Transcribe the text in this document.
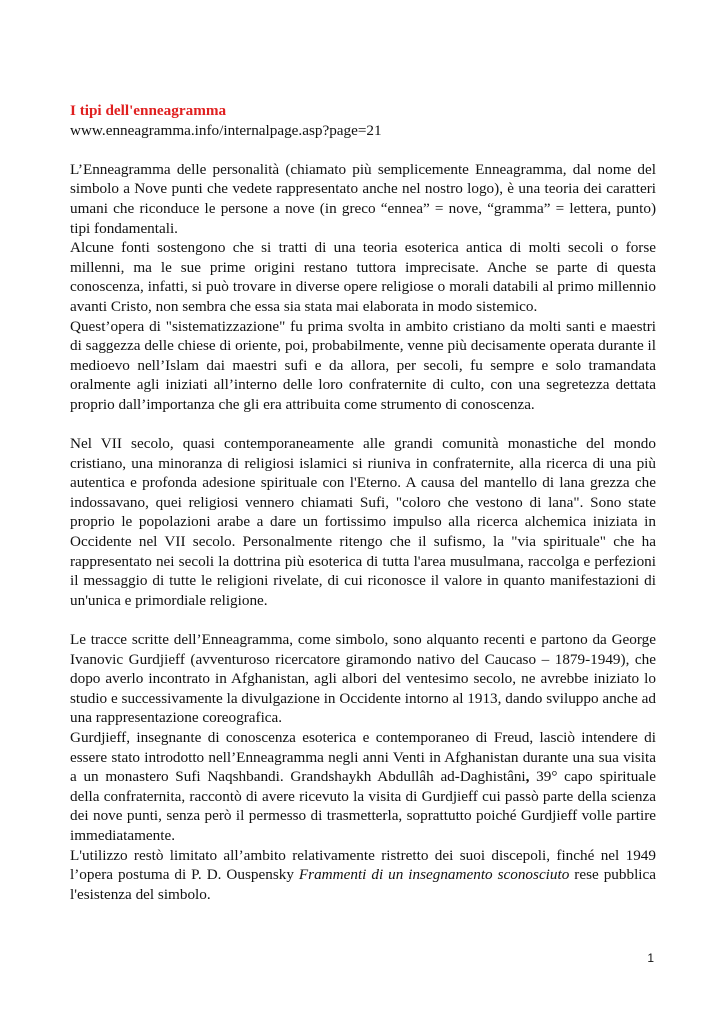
I tipi dell'enneagramma

www.enneagramma.info/internalpage.asp?page=21

L’Enneagramma delle personalità (chiamato più semplicemente Enneagramma, dal nome del simbolo a Nove punti che vedete rappresentato anche nel nostro logo), è una teoria dei caratteri umani che riconduce le persone a nove (in greco “ennea” = nove, “gramma” = lettera, punto) tipi fondamentali.

Alcune fonti sostengono che si tratti di una teoria esoterica antica di molti secoli o forse millenni, ma le sue prime origini restano tuttora imprecisate. Anche se parte di questa conoscenza, infatti, si può trovare in diverse opere religiose o morali databili al primo millennio avanti Cristo, non sembra che essa sia stata mai elaborata in modo sistemico.

Quest’opera di "sistematizzazione" fu prima svolta in ambito cristiano da molti santi e maestri di saggezza delle chiese di oriente, poi, probabilmente, venne più decisamente operata durante il medioevo nell’Islam dai maestri sufi e da allora, per secoli, fu sempre e solo tramandata oralmente agli iniziati all’interno delle loro confraternite di culto, con una segretezza dettata proprio dall’importanza che gli era attribuita come strumento di conoscenza.

Nel VII secolo, quasi contemporaneamente alle grandi comunità monastiche del mondo cristiano, una minoranza di religiosi islamici si riuniva in confraternite, alla ricerca di una più autentica e profonda adesione spirituale con l'Eterno. A causa del mantello di lana grezza che indossavano, quei religiosi vennero chiamati Sufi, "coloro che vestono di lana". Sono state proprio le popolazioni arabe a dare un fortissimo impulso alla ricerca alchemica iniziata in Occidente nel VII secolo. Personalmente ritengo che il sufismo, la "via spirituale" che ha rappresentato nei secoli la dottrina più esoterica di tutta l'area musulmana, raccolga e perfezioni il messaggio di tutte le religioni rivelate, di cui riconosce il valore in quanto manifestazioni di un'unica e primordiale religione.

Le tracce scritte dell’Enneagramma, come simbolo, sono alquanto recenti e partono da George Ivanovic Gurdjieff (avventuroso ricercatore giramondo nativo del Caucaso – 1879-1949), che dopo averlo incontrato in Afghanistan, agli albori del ventesimo secolo, ne avrebbe iniziato lo studio e successivamente la divulgazione in Occidente intorno al 1913, dando sviluppo anche ad una rappresentazione coreografica.

Gurdjieff, insegnante di conoscenza esoterica e contemporaneo di Freud, lasciò intendere di essere stato introdotto nell’Enneagramma negli anni Venti in Afghanistan durante una sua visita a un monastero Sufi Naqshbandi. Grandshaykh Abdullâh ad-Daghistâni, 39° capo spirituale della confraternita, raccontò di avere ricevuto la visita di Gurdjieff cui passò parte della scienza dei nove punti, senza però il permesso di trasmetterla, soprattutto poiché Gurdjieff volle partire immediatamente.

L'utilizzo restò limitato all’ambito relativamente ristretto dei suoi discepoli, finché nel 1949 l’opera postuma di P. D. Ouspensky Frammenti di un insegnamento sconosciuto rese pubblica l'esistenza del simbolo.

1
